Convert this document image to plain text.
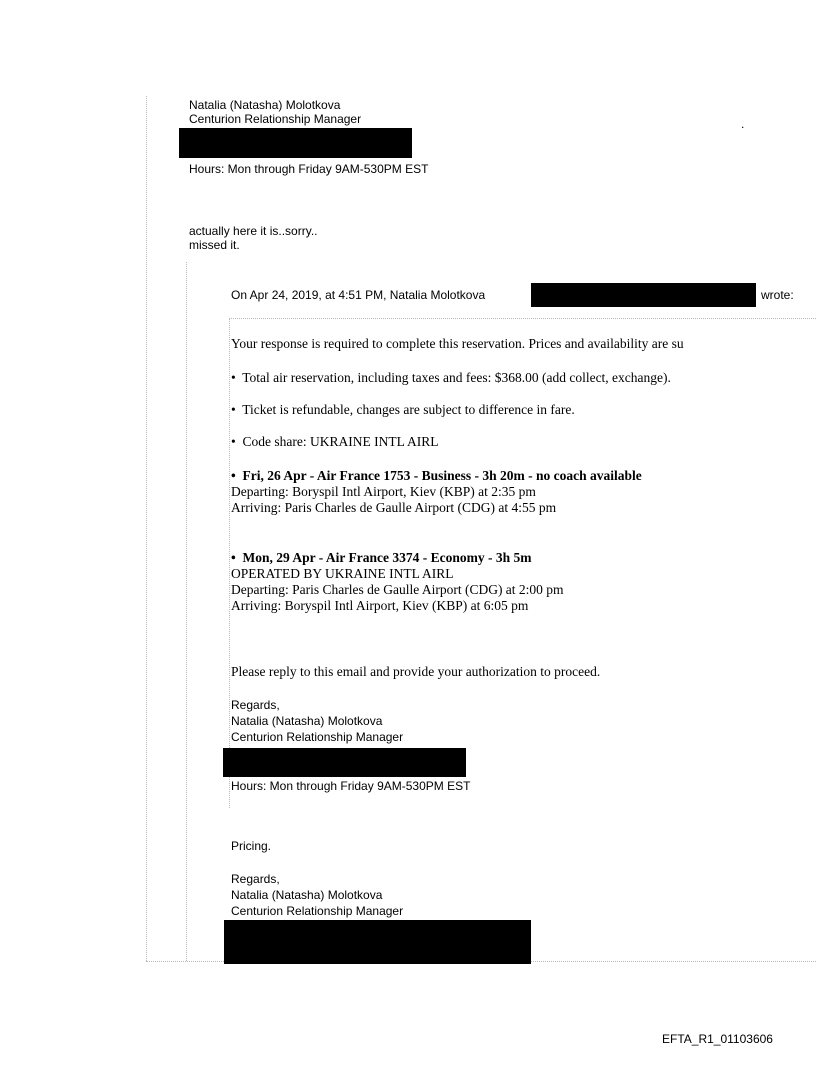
Natalia (Natasha) Molotkova
Centurion Relationship Manager	.
Hours: Mon through Friday 9AM-530PM EST
actually here it is..sorry..
missed it.
On Apr 24, 2019, at 4:51 PM, Natalia Molotkova	wrote:
Your response is required to complete this reservation. Prices and availability are su
• Total air reservation, including taxes and fees: $368.00 (add collect, exchange).
• Ticket is refundable, changes are subject to difference in fare.
• Code share: UKRAINE INTL AIRL
• Fri, 26 Apr - Air France 1753 - Business - 3h 20m - no coach available
Departing: Boryspil Intl Airport, Kiev (KBP) at 2:35 pm
Arriving: Paris Charles de Gaulle Airport (CDG) at 4:55 pm
• Mon, 29 Apr - Air France 3374 - Economy - 3h 5m
OPERATED BY UKRAINE INTL AIRL
Departing: Paris Charles de Gaulle Airport (CDG) at 2:00 pm
Arriving: Boryspil Intl Airport, Kiev (KBP) at 6:05 pm
Please reply to this email and provide your authorization to proceed.
Regards,
Natalia (Natasha) Molotkova
Centurion Relationship Manager
Hours: Mon through Friday 9AM-530PM EST
Pricing.
Regards,
Natalia (Natasha) Molotkova
Centurion Relationship Manager
EFTA_R1_01103606
